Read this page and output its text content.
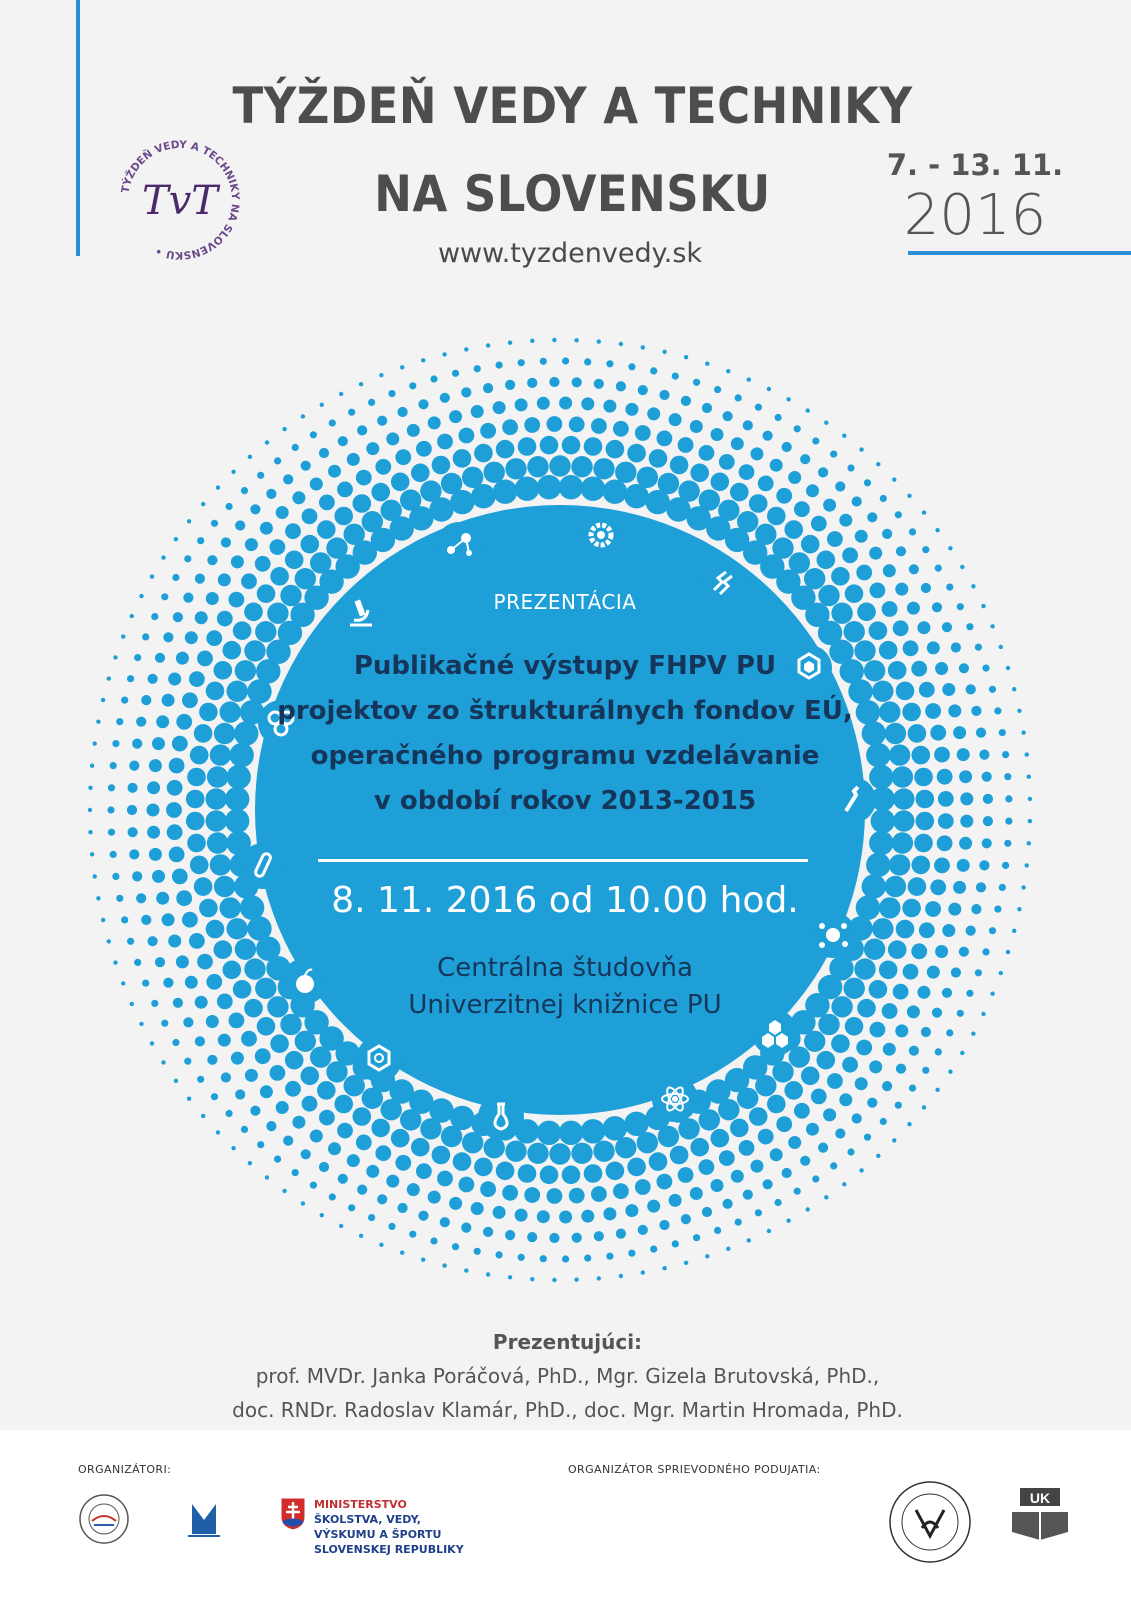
TÝŽDEŇ VEDY A TECHNIKY NA SLOVENSKU •
TvT
TÝŽDEŇ VEDY A TECHNIKY
NA SLOVENSKU
www.tyzdenvedy.sk
7. - 13. 11.
2016
PREZENTÁCIA
Publikačné výstupy FHPV PU
projektov zo štrukturálnych fondov EÚ,
operačného programu vzdelávanie
v období rokov 2013-2015
8. 11. 2016 od 10.00 hod.
Centrálna študovňa
Univerzitnej knižnice PU
Prezentujúci:
prof. MVDr. Janka Poráčová, PhD., Mgr. Gizela Brutovská, PhD.,
doc. RNDr. Radoslav Klamár, PhD., doc. Mgr. Martin Hromada, PhD.
ORGANIZÁTORI:	ORGANIZÁTOR SPRIEVODNÉHO PODUJATIA:
MINISTERSTVO
ŠKOLSTVA, VEDY,
VÝSKUMU A ŠPORTU
SLOVENSKEJ REPUBLIKY
UK
